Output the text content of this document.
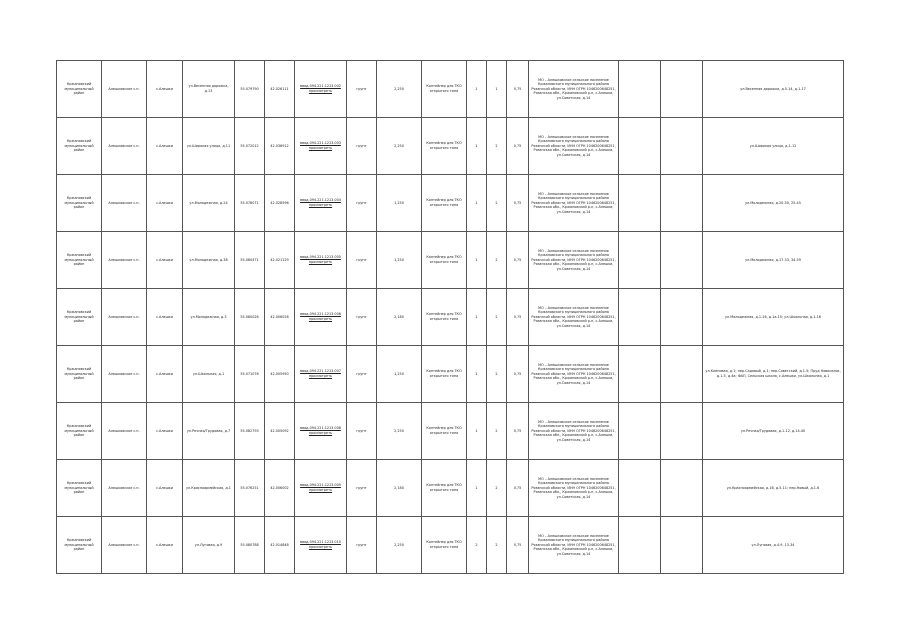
Кржановский муниципальный район	Алешковское с.п.	с.Алешки	ул.Весенняя дорожка, д.13	55.079790	42.026111	ввод.094.221.1213.002 просмотреть	грунт	2,250	Контейнер для ТКО открытого типа	1	1	0,75	МО – Алешковское сельское поселение Кржановского муниципального района Рязанской области, ИНН ОГРН 1046200648251, Рязанская обл., Кржановский р-н, с.Алешки, ул.Советская, д.14			ул.Весенняя дорожка, д.5-14, д.1-17
Кржановский муниципальный район	Алешковское с.п.	с.Алешки	ул.Широкая улица, д.11	55.072012	42.036912	ввод.094.221.1213.003 просмотреть	грунт	2,250	Контейнер для ТКО открытого типа	1	2	0,75	МО – Алешковское сельское поселение Кржановского муниципального района Рязанской области, ИНН ОГРН 1046200648251, Рязанская обл., Кржановский р-н, с.Алешки, ул.Советская, д.14			ул.Широкая улица, д.1-12
Кржановский муниципальный район	Алешковское с.п.	с.Алешки	ул.Молодежная, д.24	55.078071	42.028596	ввод.094.221.1213.004 просмотреть	грунт	1,250	Контейнер для ТКО открытого типа	1	2	0,75	МО – Алешковское сельское поселение Кржановского муниципального района Рязанской области, ИНН ОГРН 1046200648251, Рязанская обл., Кржановский р-н, с.Алешки, ул.Советская, д.14			ул.Молодежная, д.20-30, 25-45
Кржановский муниципальный район	Алешковское с.п.	с.Алешки	ул.Молодежная, д.38	55.080471	42.021129	ввод.094.221.1213.005 просмотреть	грунт	1,250	Контейнер для ТКО открытого типа	1	2	0,75	МО – Алешковское сельское поселение Кржановского муниципального района Рязанской области, ИНН ОГРН 1046200648251, Рязанская обл., Кржановский р-н, с.Алешки, ул.Советская, д.14			ул.Молодежная, д.17-33, 34-59
Кржановский муниципальный район	Алешковское с.п.	с.Алешки	ул.Молодежная, д.3	55.080026	42.006028	ввод.094.221.1213.006 просмотреть	грунт	2,180	Контейнер для ТКО открытого типа	1	2	0,75	МО – Алешковское сельское поселение Кржановского муниципального района Рязанской области, ИНН ОГРН 1046200648251, Рязанская обл., Кржановский р-н, с.Алешки, ул.Советская, д.14			ул.Молодежная, д.1-16, д.1а-15; ул.Школьная, д.1-16
Кржановский муниципальный район	Алешковское с.п.	с.Алешки	ул.Школьная, д.1	55.071076	42.005950	ввод.094.221.1213.007 просмотреть	грунт	1,250	Контейнер для ТКО открытого типа	1	2	0,75	МО – Алешковское сельское поселение Кржановского муниципального района Рязанской области, ИНН ОГРН 1046200648251, Рязанская обл., Кржановский р-н, с.Алешки, ул.Советская, д.14			ул.Кленовая, д.1; пер.Садовый, д.1; пер.Советский, д.1-5; Пруд Новоселок, д.1-5, д.4а; ФАП, Сельская школа, с.Алешки, ул.Школьная, д.1
Кржановский муниципальный район	Алешковское с.п.	с.Алешки	ул.Речная/Трудовая, д.7	55.082793	42.005092	ввод.094.221.1213.008 просмотреть	грунт	2,250	Контейнер для ТКО открытого типа	1	2	0,75	МО – Алешковское сельское поселение Кржановского муниципального района Рязанской области, ИНН ОГРН 1046200648251, Рязанская обл., Кржановский р-н, с.Алешки, ул.Советская, д.14			ул.Речная/Трудовая, д.1-12, д.14-40
Кржановский муниципальный район	Алешковское с.п.	с.Алешки	ул.Красноармейская, д.1	55.076251	42.006002	ввод.094.221.1213.009 просмотреть	грунт	2,180	Контейнер для ТКО открытого типа	1	2	0,75	МО – Алешковское сельское поселение Кржановского муниципального района Рязанской области, ИНН ОГРН 1046200648251, Рязанская обл., Кржановский р-н, с.Алешки, ул.Советская, д.14			ул.Красноармейская, д.1б, д.5-11; пер.Новый, д.1-6
Кржановский муниципальный район	Алешковское с.п.	с.Алешки	ул.Луговая, д.9	55.080788	42.014848	ввод.094.221.1213.010 просмотреть	грунт	2,250	Контейнер для ТКО открытого типа	2	2	0,75	МО – Алешковское сельское поселение Кржановского муниципального района Рязанской области, ИНН ОГРН 1046200648251, Рязанская обл., Кржановский р-н, с.Алешки, ул.Советская, д.14			ул.Луговая, д.4-9, 13-34
